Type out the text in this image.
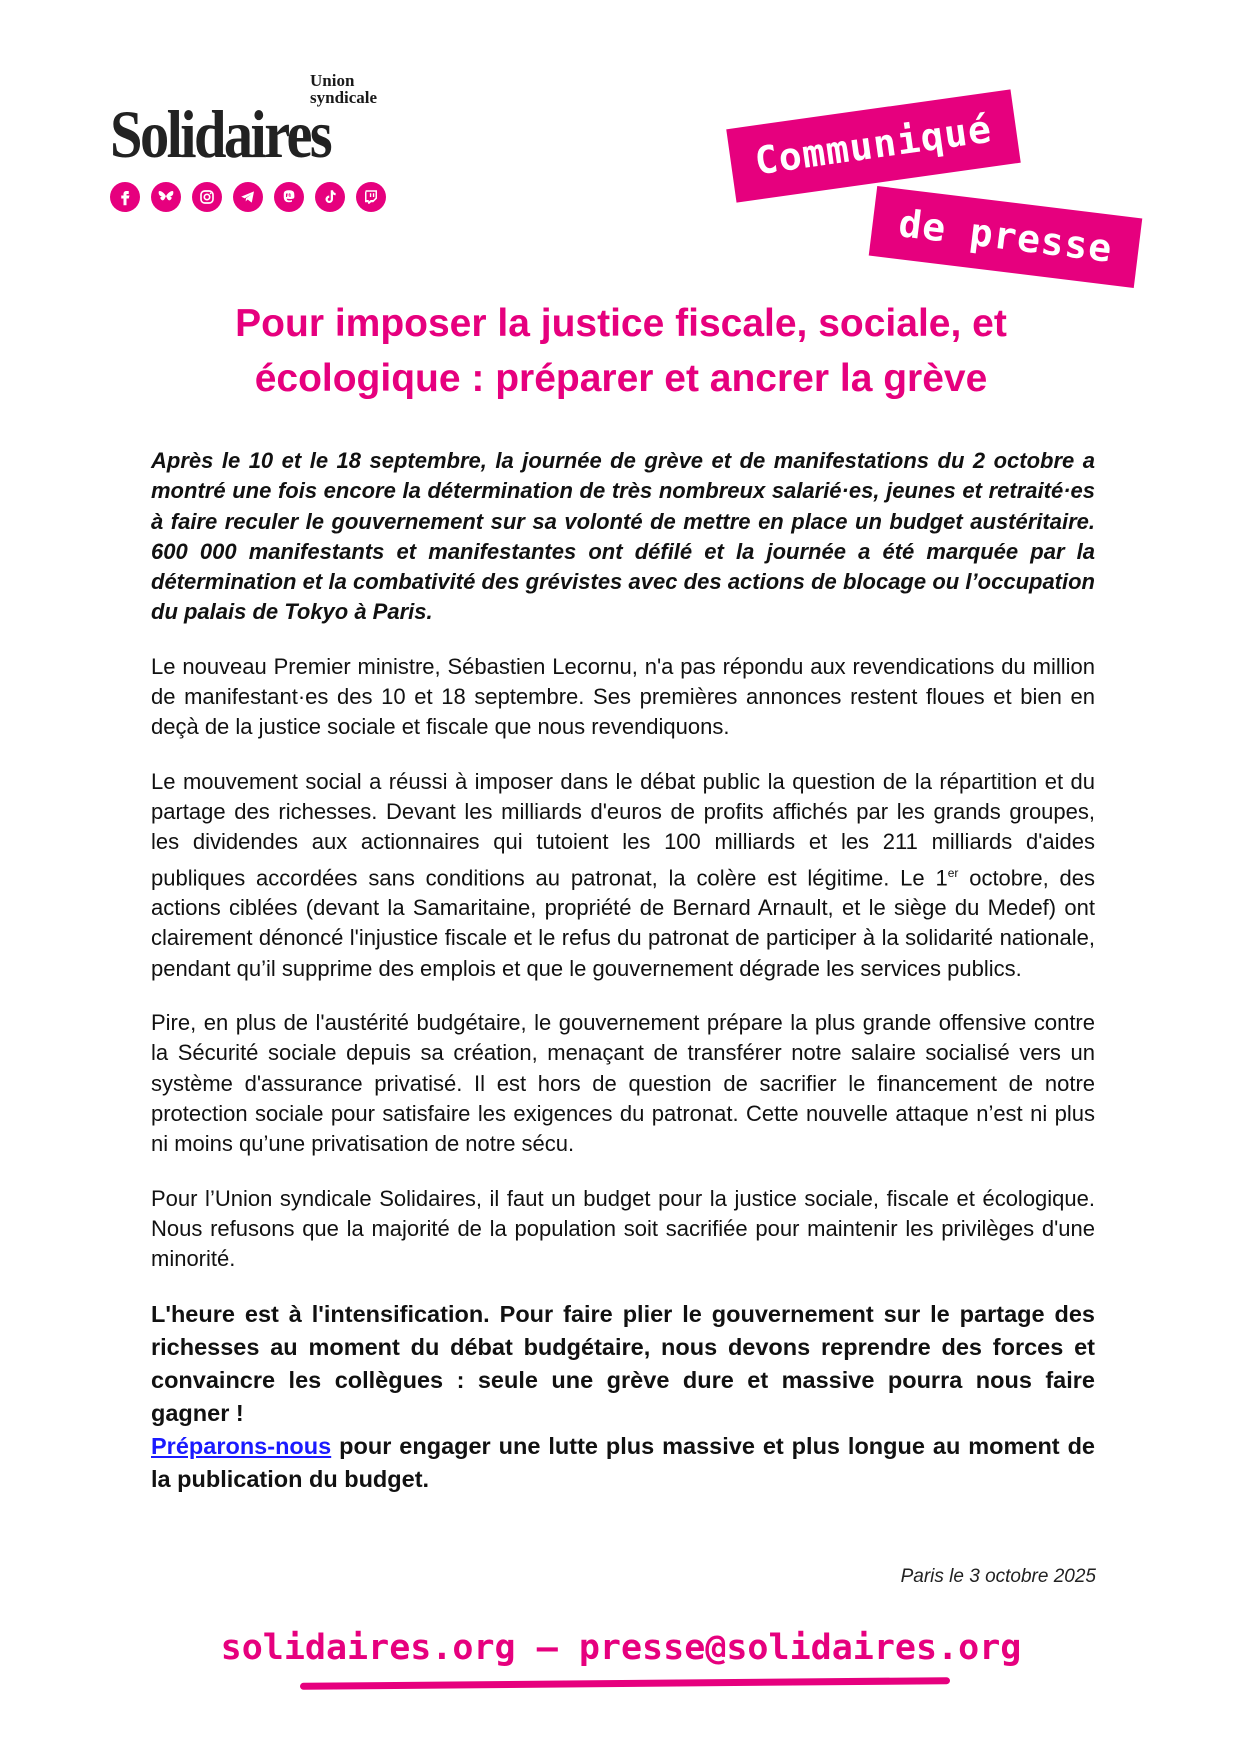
Union
syndicale
Solidaires	Communiqué
de presse
Pour imposer la justice fiscale, sociale, et
écologique : préparer et ancrer la grève

Après le 10 et le 18 septembre, la journée de grève et de manifestations du 2 octobre a montré une fois encore la détermination de très nombreux salarié·es, jeunes et retraité·es à faire reculer le gouvernement sur sa volonté de mettre en place un budget austéritaire. 600 000 manifestants et manifestantes ont défilé et la journée a été marquée par la détermination et la combativité des grévistes avec des actions de blocage ou l’occupation du palais de Tokyo à Paris.

Le nouveau Premier ministre, Sébastien Lecornu, n'a pas répondu aux revendications du million de manifestant·es des 10 et 18 septembre. Ses premières annonces restent floues et bien en deçà de la justice sociale et fiscale que nous revendiquons.

Le mouvement social a réussi à imposer dans le débat public la question de la répartition et du partage des richesses. Devant les milliards d'euros de profits affichés par les grands groupes, les dividendes aux actionnaires qui tutoient les 100 milliards et les 211 milliards d'aides publiques accordées sans conditions au patronat, la colère est légitime. Le 1er octobre, des actions ciblées (devant la Samaritaine, propriété de Bernard Arnault, et le siège du Medef) ont clairement dénoncé l'injustice fiscale et le refus du patronat de participer à la solidarité nationale, pendant qu’il supprime des emplois et que le gouvernement dégrade les services publics.

Pire, en plus de l'austérité budgétaire, le gouvernement prépare la plus grande offensive contre la Sécurité sociale depuis sa création, menaçant de transférer notre salaire socialisé vers un système d'assurance privatisé. Il est hors de question de sacrifier le financement de notre protection sociale pour satisfaire les exigences du patronat. Cette nouvelle attaque n’est ni plus ni moins qu’une privatisation de notre sécu.

Pour l’Union syndicale Solidaires, il faut un budget pour la justice sociale, fiscale et écologique. Nous refusons que la majorité de la population soit sacrifiée pour maintenir les privilèges d'une minorité.

L'heure est à l'intensification. Pour faire plier le gouvernement sur le partage des richesses au moment du débat budgétaire, nous devons reprendre des forces et convaincre les collègues : seule une grève dure et massive pourra nous faire gagner !
Préparons-nous pour engager une lutte plus massive et plus longue au moment de la publication du budget.

Paris le 3 octobre 2025
solidaires.org — presse@solidaires.org
